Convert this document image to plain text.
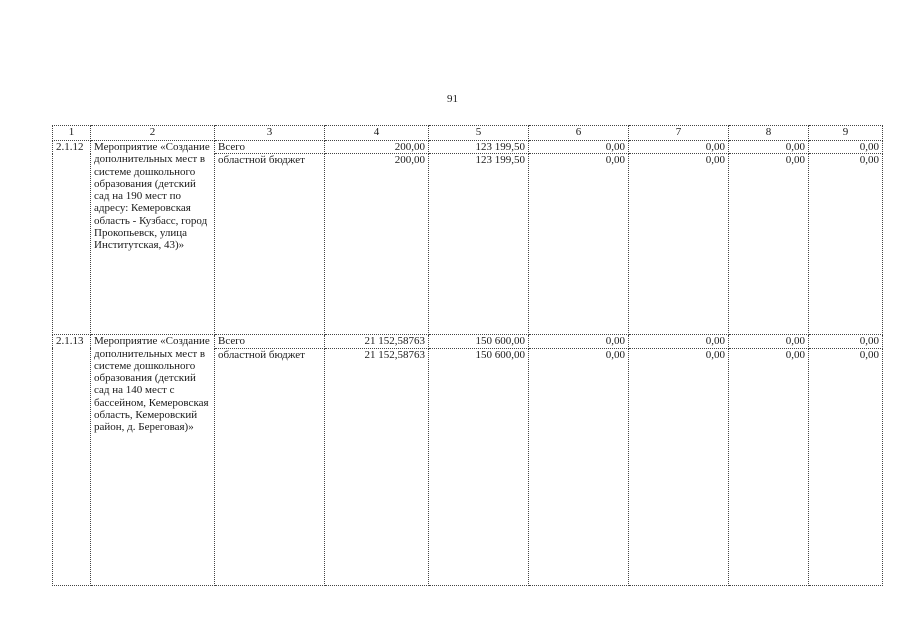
91
1	2	3	4	5	6	7	8	9
2.1.12	Мероприятие «Создание дополнительных мест в системе дошкольного образования (детский сад на 190 мест по адресу: Кемеровская область - Кузбасс, город Прокопьевск, улица Институтская, 43)»	Всего	200,00	123 199,50	0,00	0,00	0,00	0,00
		областной бюджет	200,00	123 199,50	0,00	0,00	0,00	0,00
2.1.13	Мероприятие «Создание дополнительных мест в системе дошкольного образования (детский сад на 140 мест с бассейном, Кемеровская область, Кемеровский район, д. Береговая)»	Всего	21 152,58763	150 600,00	0,00	0,00	0,00	0,00
		областной бюджет	21 152,58763	150 600,00	0,00	0,00	0,00	0,00
